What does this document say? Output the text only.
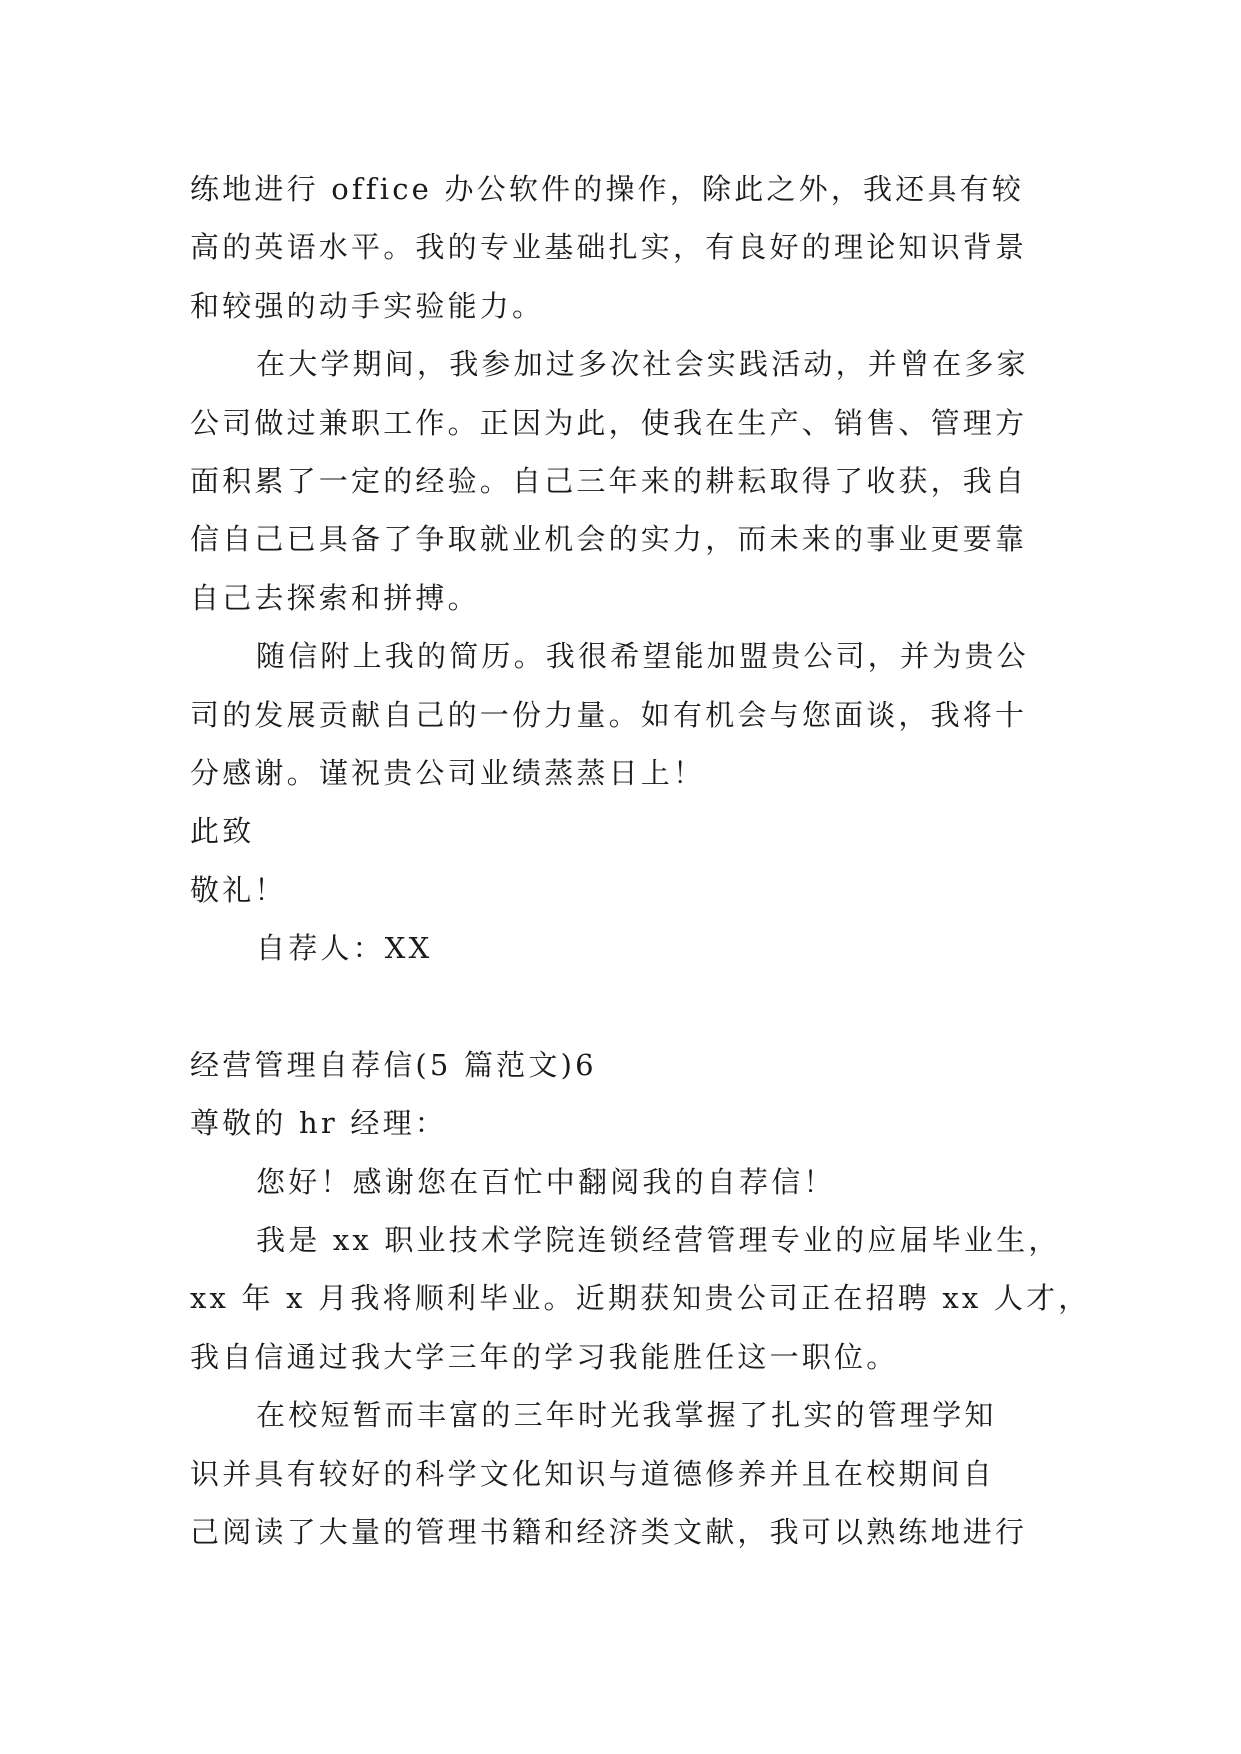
练地进行 office 办公软件的操作，除此之外，我还具有较
高的英语水平。我的专业基础扎实，有良好的理论知识背景
和较强的动手实验能力。
在大学期间，我参加过多次社会实践活动，并曾在多家
公司做过兼职工作。正因为此，使我在生产、销售、管理方
面积累了一定的经验。自己三年来的耕耘取得了收获，我自
信自己已具备了争取就业机会的实力，而未来的事业更要靠
自己去探索和拼搏。
随信附上我的简历。我很希望能加盟贵公司，并为贵公
司的发展贡献自己的一份力量。如有机会与您面谈，我将十
分感谢。谨祝贵公司业绩蒸蒸日上！
此致
敬礼！
自荐人：XX
经营管理自荐信(5 篇范文)6
尊敬的 hr 经理：
您好！感谢您在百忙中翻阅我的自荐信！
我是 xx 职业技术学院连锁经营管理专业的应届毕业生，
xx 年 x 月我将顺利毕业。近期获知贵公司正在招聘 xx 人才，
我自信通过我大学三年的学习我能胜任这一职位。
在校短暂而丰富的三年时光我掌握了扎实的管理学知
识并具有较好的科学文化知识与道德修养并且在校期间自
己阅读了大量的管理书籍和经济类文献，我可以熟练地进行
